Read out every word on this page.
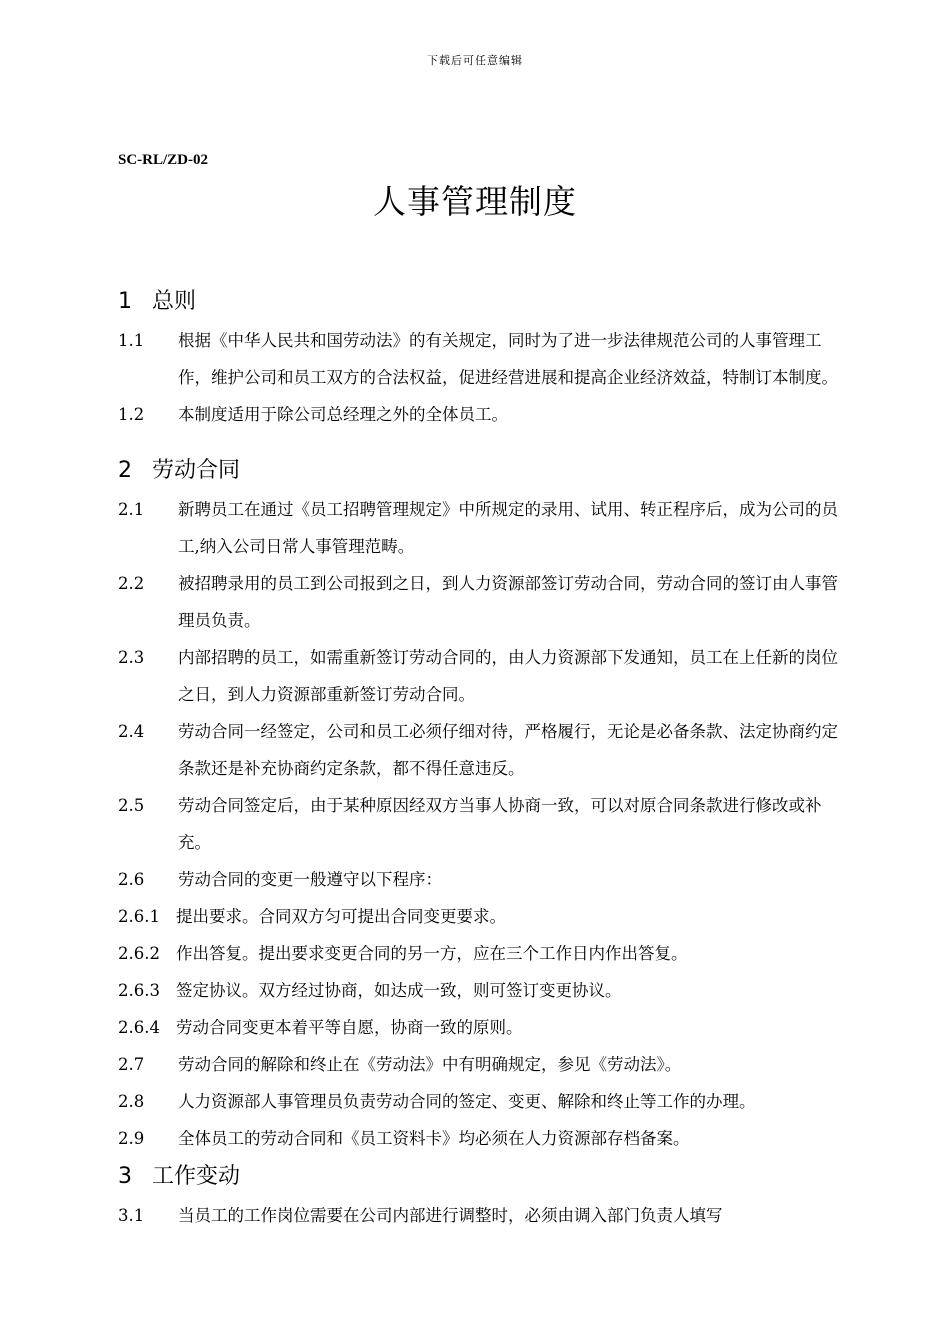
下载后可任意编辑
SC-RL/ZD-02
人事管理制度
1 总则
1.1	根据《中华人民共和国劳动法》的有关规定，同时为了进一步法律规范公司的人事管理工作，维护公司和员工双方的合法权益，促进经营进展和提高企业经济效益，特制订本制度。
1.2	本制度适用于除公司总经理之外的全体员工。
2 劳动合同
2.1	新聘员工在通过《员工招聘管理规定》中所规定的录用、试用、转正程序后，成为公司的员工,纳入公司日常人事管理范畴。
2.2	被招聘录用的员工到公司报到之日，到人力资源部签订劳动合同，劳动合同的签订由人事管理员负责。
2.3	内部招聘的员工，如需重新签订劳动合同的，由人力资源部下发通知，员工在上任新的岗位之日，到人力资源部重新签订劳动合同。
2.4	劳动合同一经签定，公司和员工必须仔细对待，严格履行，无论是必备条款、法定协商约定条款还是补充协商约定条款，都不得任意违反。
2.5	劳动合同签定后，由于某种原因经双方当事人协商一致，可以对原合同条款进行修改或补充。
2.6	劳动合同的变更一般遵守以下程序：
2.6.1 提出要求。合同双方匀可提出合同变更要求。
2.6.2 作出答复。提出要求变更合同的另一方，应在三个工作日内作出答复。
2.6.3 签定协议。双方经过协商，如达成一致，则可签订变更协议。
2.6.4 劳动合同变更本着平等自愿，协商一致的原则。
2.7	劳动合同的解除和终止在《劳动法》中有明确规定，参见《劳动法》。
2.8	人力资源部人事管理员负责劳动合同的签定、变更、解除和终止等工作的办理。
2.9	全体员工的劳动合同和《员工资料卡》均必须在人力资源部存档备案。
3 工作变动
3.1	当员工的工作岗位需要在公司内部进行调整时，必须由调入部门负责人填写
